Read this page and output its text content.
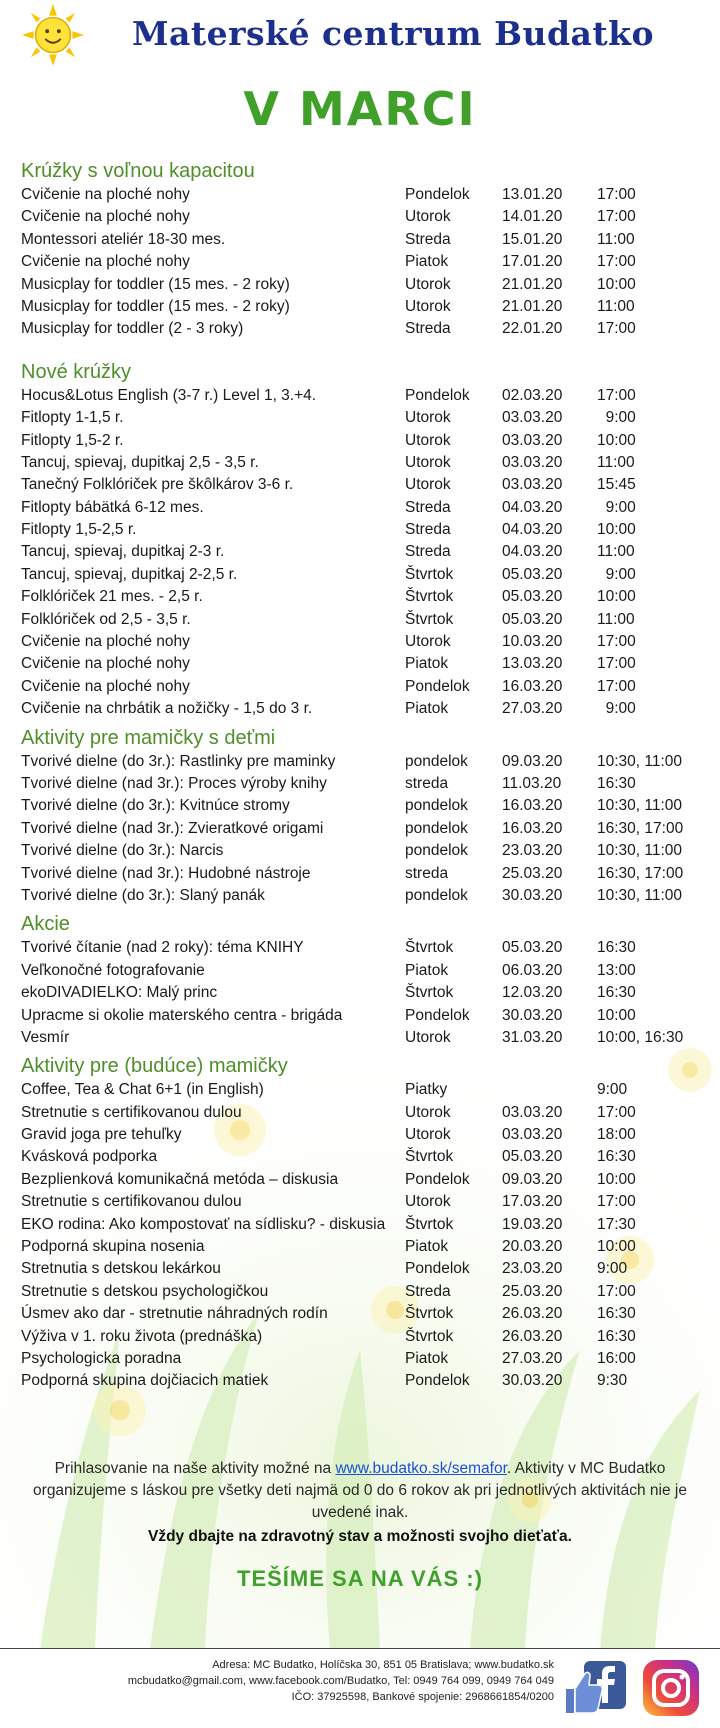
Materské centrum Budatko
V MARCI
Krúžky s voľnou kapacitou
Cvičenie na ploché nohy	Pondelok 13.01.20 17:00
Cvičenie na ploché nohy	Utorok	14.01.20 17:00
Montessori ateliér 18-30 mes.	Streda	15.01.20 11:00
Cvičenie na ploché nohy	Piatok	17.01.20 17:00
Musicplay for toddler (15 mes. - 2 roky)	Utorok	21.01.20 10:00
Musicplay for toddler (15 mes. - 2 roky)	Utorok	21.01.20 11:00
Musicplay for toddler (2 - 3 roky)	Streda	22.01.20 17:00
Nové krúžky
Hocus&Lotus English (3-7 r.) Level 1, 3.+4.	Pondelok 02.03.20 17:00
Fitlopty 1-1,5 r.	Utorok	03.03.20 9:00
Fitlopty 1,5-2 r.	Utorok	03.03.20 10:00
Tancuj, spievaj, dupitkaj 2,5 - 3,5 r.	Utorok	03.03.20 11:00
Tanečný Folklóriček pre škôlkárov 3-6 r.	Utorok	03.03.20 15:45
Fitlopty bábätká 6-12 mes.	Streda	04.03.20 9:00
Fitlopty 1,5-2,5 r.	Streda	04.03.20 10:00
Tancuj, spievaj, dupitkaj 2-3 r.	Streda	04.03.20 11:00
Tancuj, spievaj, dupitkaj 2-2,5 r.	Štvrtok	05.03.20 9:00
Folklóriček 21 mes. - 2,5 r.	Štvrtok	05.03.20 10:00
Folklóriček od 2,5 - 3,5 r.	Štvrtok	05.03.20 11:00
Cvičenie na ploché nohy	Utorok	10.03.20 17:00
Cvičenie na ploché nohy	Piatok	13.03.20 17:00
Cvičenie na ploché nohy	Pondelok 16.03.20 17:00
Cvičenie na chrbátik a nožičky - 1,5 do 3 r.	Piatok	27.03.20 9:00
Aktivity pre mamičky s deťmi
Tvorivé dielne (do 3r.): Rastlinky pre maminky	pondelok 09.03.20 10:30, 11:00
Tvorivé dielne (nad 3r.): Proces výroby knihy	streda	11.03.20 16:30
Tvorivé dielne (do 3r.): Kvitnúce stromy	pondelok 16.03.20 10:30, 11:00
Tvorivé dielne (nad 3r.): Zvieratkové origami	pondelok 16.03.20 16:30, 17:00
Tvorivé dielne (do 3r.): Narcis	pondelok 23.03.20 10:30, 11:00
Tvorivé dielne (nad 3r.): Hudobné nástroje	streda	25.03.20 16:30, 17:00
Tvorivé dielne (do 3r.): Slaný panák	pondelok 30.03.20 10:30, 11:00
Akcie
Tvorivé čítanie (nad 2 roky): téma KNIHY	Štvrtok	05.03.20 16:30
Veľkonočné fotografovanie	Piatok	06.03.20 13:00
ekoDIVADIELKO: Malý princ	Štvrtok	12.03.20 16:30
Upracme si okolie materského centra - brigáda	Pondelok 30.03.20 10:00
Vesmír	Utorok	31.03.20 10:00, 16:30
Aktivity pre (budúce) mamičky
Coffee, Tea & Chat 6+1 (in English)	Piatky	9:00
Stretnutie s certifikovanou dulou	Utorok	03.03.20 17:00
Gravid joga pre tehuľky	Utorok	03.03.20 18:00
Kvásková podporka	Štvrtok	05.03.20 16:30
Bezplienková komunikačná metóda – diskusia	Pondelok 09.03.20 10:00
Stretnutie s certifikovanou dulou	Utorok	17.03.20 17:00
EKO rodina: Ako kompostovať na sídlisku? - diskusia Štvrtok	19.03.20 17:30
Podporná skupina nosenia	Piatok	20.03.20 10:00
Stretnutia s detskou lekárkou	Pondelok 23.03.20 9:00
Stretnutie s detskou psychologičkou	Streda	25.03.20 17:00
Úsmev ako dar - stretnutie náhradných rodín	Štvrtok	26.03.20 16:30
Výživa v 1. roku života (prednáška)	Štvrtok	26.03.20 16:30
Psychologicka poradna	Piatok	27.03.20 16:00
Podporná skupina dojčiacich matiek	Pondelok 30.03.20 9:30
Prihlasovanie na naše aktivity možné na www.budatko.sk/semafor. Aktivity v MC Budatko organizujeme s láskou pre všetky deti najmä od 0 do 6 rokov ak pri jednotlivých aktivitách nie je uvedené inak.
Vždy dbajte na zdravotný stav a možnosti svojho dieťaťa.
TEŠÍME SA NA VÁS :)
Adresa: MC Budatko, Holíčska 30, 851 05 Bratislava; www.budatko.sk
mcbudatko@gmail.com, www.facebook.com/Budatko, Tel: 0949 764 099, 0949 764 049
IČO: 37925598, Bankové spojenie: 2968661854/0200
